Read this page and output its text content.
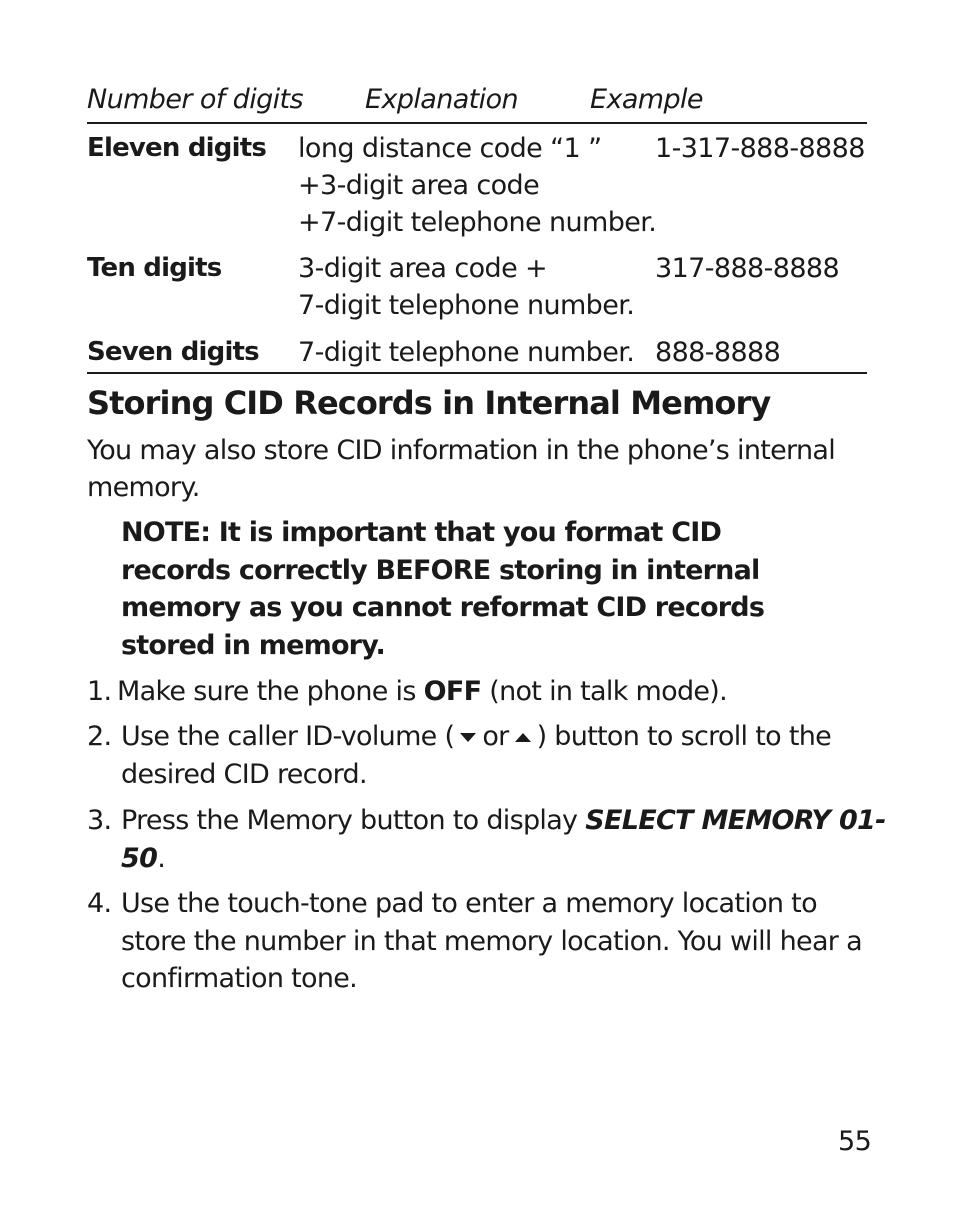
Number of digits Explanation	Example
Eleven digits long distance code “1 ”
+3-digit area code
+7-digit telephone number.
1-317-888-8888
Ten digits	3-digit area code +
7-digit telephone number.
317-888-8888
Seven digits 7-digit telephone number. 888-8888
Storing CID Records in Internal Memory
You may also store CID information in the phone’s internal
memory.
NOTE: It is important that you format CID
records correctly BEFORE storing in internal
memory as you cannot reformat CID records
stored in memory.
1. Make sure the phone is OFF (not in talk mode).
2. Use the caller ID-volume ( or ) button to scroll to the
desired CID record.
3. Press the Memory button to display SELECT MEMORY 01-
50.
4. Use the touch-tone pad to enter a memory location to
store the number in that memory location. You will hear a
confirmation tone.
55
